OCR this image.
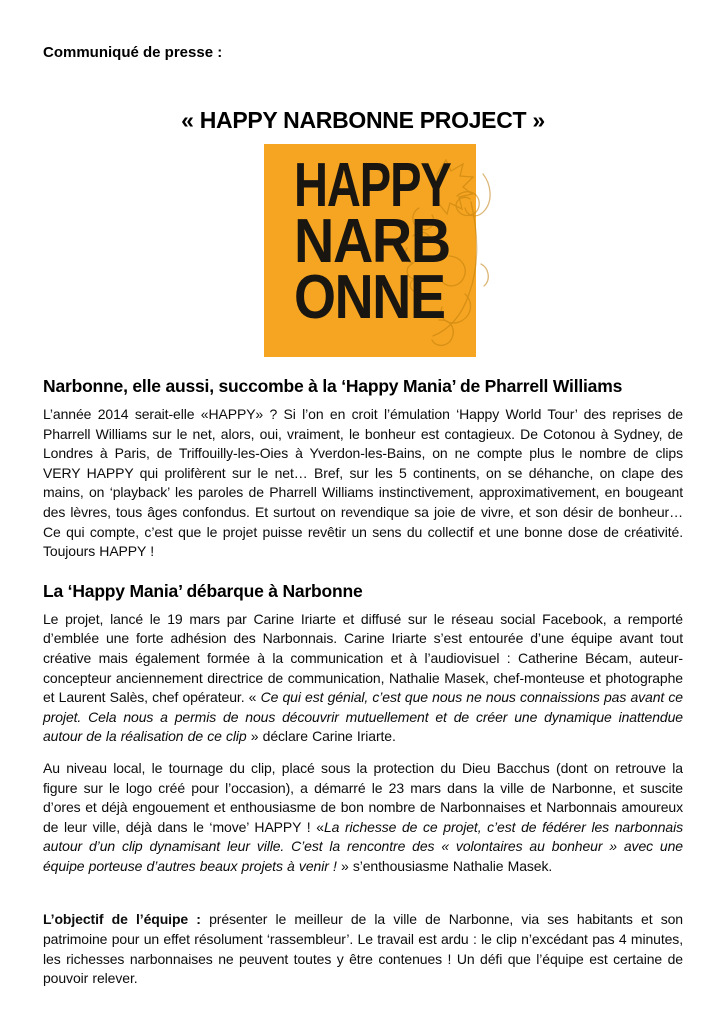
Communiqué de presse :
« HAPPY NARBONNE PROJECT »
HAPPY
NARB
ONNE
Narbonne, elle aussi, succombe à la ‘Happy Mania’ de Pharrell Williams

L’année 2014 serait-elle «HAPPY» ? Si l’on en croit l’émulation ‘Happy World Tour’ des reprises de Pharrell Williams sur le net, alors, oui, vraiment, le bonheur est contagieux. De Cotonou à Sydney, de Londres à Paris, de Triffouilly-les-Oies à Yverdon-les-Bains, on ne compte plus le nombre de clips VERY HAPPY qui prolifèrent sur le net… Bref, sur les 5 continents, on se déhanche, on clape des mains, on ‘playback’ les paroles de Pharrell Williams instinctivement, approximativement, en bougeant des lèvres, tous âges confondus. Et surtout on revendique sa joie de vivre, et son désir de bonheur… Ce qui compte, c’est que le projet puisse revêtir un sens du collectif et une bonne dose de créativité. Toujours HAPPY !

La ‘Happy Mania’ débarque à Narbonne

Le projet, lancé le 19 mars par Carine Iriarte et diffusé sur le réseau social Facebook, a remporté d’emblée une forte adhésion des Narbonnais. Carine Iriarte s’est entourée d’une équipe avant tout créative mais également formée à la communication et à l’audiovisuel : Catherine Bécam, auteur-concepteur anciennement directrice de communication, Nathalie Masek, chef-monteuse et photographe et Laurent Salès, chef opérateur. « Ce qui est génial, c’est que nous ne nous connaissions pas avant ce projet. Cela nous a permis de nous découvrir mutuellement et de créer une dynamique inattendue autour de la réalisation de ce clip » déclare Carine Iriarte.

Au niveau local, le tournage du clip, placé sous la protection du Dieu Bacchus (dont on retrouve la figure sur le logo créé pour l’occasion), a démarré le 23 mars dans la ville de Narbonne, et suscite d’ores et déjà engouement et enthousiasme de bon nombre de Narbonnaises et Narbonnais amoureux de leur ville, déjà dans le ‘move’ HAPPY ! «La richesse de ce projet, c’est de fédérer les narbonnais autour d’un clip dynamisant leur ville. C’est la rencontre des « volontaires au bonheur » avec une équipe porteuse d’autres beaux projets à venir ! » s’enthousiasme Nathalie Masek.

L’objectif de l’équipe : présenter le meilleur de la ville de Narbonne, via ses habitants et son patrimoine pour un effet résolument ‘rassembleur’. Le travail est ardu : le clip n’excédant pas 4 minutes, les richesses narbonnaises ne peuvent toutes y être contenues ! Un défi que l’équipe est certaine de pouvoir relever.
